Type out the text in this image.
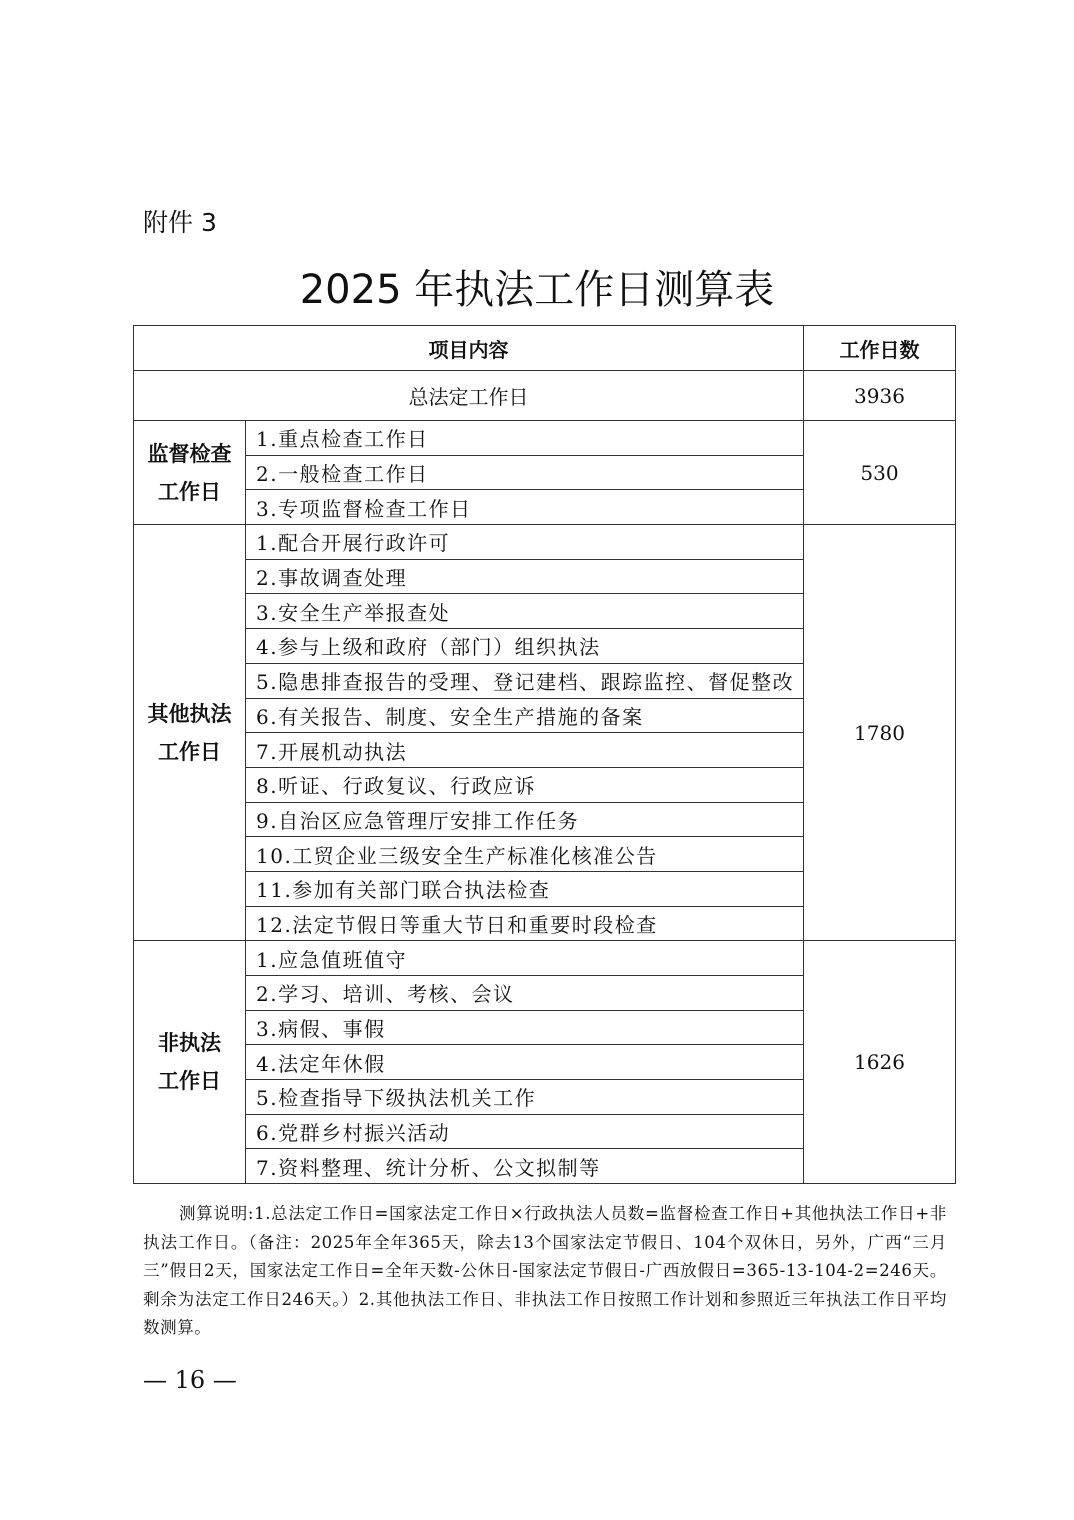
附件 3
2025 年执法工作日测算表
项目内容		工作日数
总法定工作日		3936

监督检查
工作日	1.重点检查工作日	530
	2.一般检查工作日	
	3.专项监督检查工作日	

其他执法
工作日	1.配合开展行政许可	1780
	2.事故调查处理	
	3.安全生产举报查处	
	4.参与上级和政府（部门）组织执法	
	5.隐患排查报告的受理、登记建档、跟踪监控、督促整改	
	6.有关报告、制度、安全生产措施的备案	
	7.开展机动执法	
	8.听证、行政复议、行政应诉	
	9.自治区应急管理厅安排工作任务	
	10.工贸企业三级安全生产标准化核准公告	
	11.参加有关部门联合执法检查	
	12.法定节假日等重大节日和重要时段检查	

非执法
工作日	1.应急值班值守	1626
	2.学习、培训、考核、会议	
	3.病假、事假	
	4.法定年休假	
	5.检查指导下级执法机关工作	
	6.党群乡村振兴活动	
	7.资料整理、统计分析、公文拟制等	
测算说明:1.总法定工作日=国家法定工作日×行政执法人员数=监督检查工作日+其他执法工作日+非执法工作日。（备注：2025年全年365天，除去13个国家法定节假日、104个双休日，另外，广西“三月三”假日2天，国家法定工作日=全年天数-公休日-国家法定节假日-广西放假日=365-13-104-2=246天。剩余为法定工作日246天。）2.其他执法工作日、非执法工作日按照工作计划和参照近三年执法工作日平均数测算。
— 16 —
